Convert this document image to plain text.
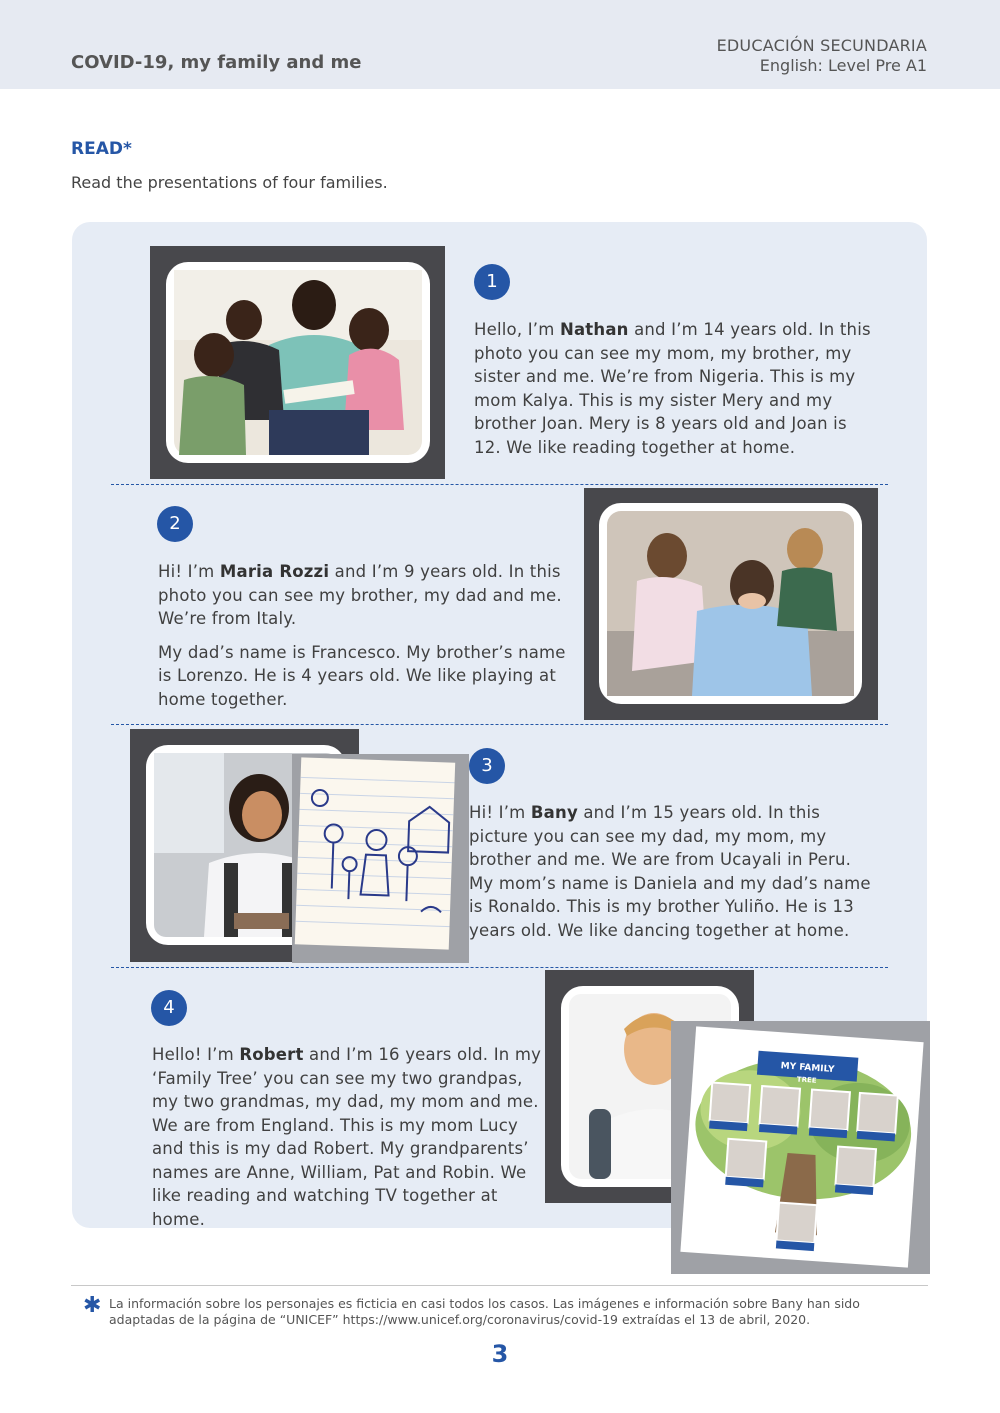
COVID-19, my family and me
EDUCACIÓN SECUNDARIA
English: Level Pre A1
READ*
Read the presentations of four families.
1

Hello, I’m Nathan and I’m 14 years old. In this photo you can see my mom, my brother, my sister and me. We’re from Nigeria. This is my mom Kalya. This is my sister Mery and my brother Joan. Mery is 8 years old and Joan is 12. We like reading together at home.

2

Hi! I’m Maria Rozzi and I’m 9 years old. In this photo you can see my brother, my dad and me. We’re from Italy.

My dad’s name is Francesco. My brother’s name is Lorenzo. He is 4 years old. We like playing at home together.

3

Hi! I’m Bany and I’m 15 years old. In this picture you can see my dad, my mom, my brother and me. We are from Ucayali in Peru. My mom’s name is Daniela and my dad’s name is Ronaldo. This is my brother Yuliño. He is 13 years old. We like dancing together at home.

4

Hello! I’m Robert and I’m 16 years old. In my ‘Family Tree’ you can see my two grandpas, my two grandmas, my dad, my mom and me. We are from England. This is my mom Lucy and this is my dad Robert. My grandparents’ names are Anne, William, Pat and Robin. We like reading and watching TV together at home.

MY FAMILY
TREE
✱ La información sobre los personajes es ficticia en casi todos los casos. Las imágenes e información sobre Bany han sido adaptadas de la página de “UNICEF” https://www.unicef.org/coronavirus/covid-19 extraídas el 13 de abril, 2020.
3
